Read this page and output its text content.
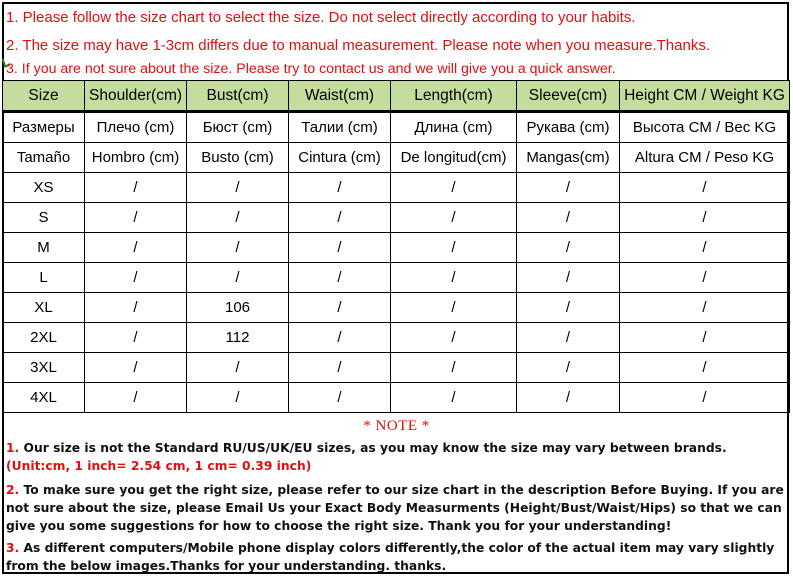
1. Please follow the size chart to select the size. Do not select directly according to your habits.
2. The size may have 1-3cm differs due to manual measurement. Please note when you measure.Thanks.
3. If you are not sure about the size. Please try to contact us and we will give you a quick answer.
Size	Shoulder(cm)	Bust(cm)	Waist(cm)	Length(cm)	Sleeve(cm)	Height CM / Weight KG
Размеры	Плечо (cm)	Бюст (cm)	Талии (cm)	Длина (cm)	Рукава (cm)	Высота CM / Вес KG
Tamaño	Hombro (cm)	Busto (cm)	Cintura (cm)	De longitud(cm)	Mangas(cm)	Altura CM / Peso KG
XS	/	/	/	/	/	/
S	/	/	/	/	/	/
M	/	/	/	/	/	/
L	/	/	/	/	/	/
XL	/	106	/	/	/	/
2XL	/	112	/	/	/	/
3XL	/	/	/	/	/	/
4XL	/	/	/	/	/	/
* NOTE *
1. Our size is not the Standard RU/US/UK/EU sizes, as you may know the size may vary between brands.
(Unit:cm, 1 inch= 2.54 cm, 1 cm= 0.39 inch)
2. To make sure you get the right size, please refer to our size chart in the description Before Buying. If you are not sure about the size, please Email Us your Exact Body Measurments (Height/Bust/Waist/Hips) so that we can give you some suggestions for how to choose the right size. Thank you for your understanding!
3. As different computers/Mobile phone display colors differently,the color of the actual item may vary slightly from the below images.Thanks for your understanding. thanks.
